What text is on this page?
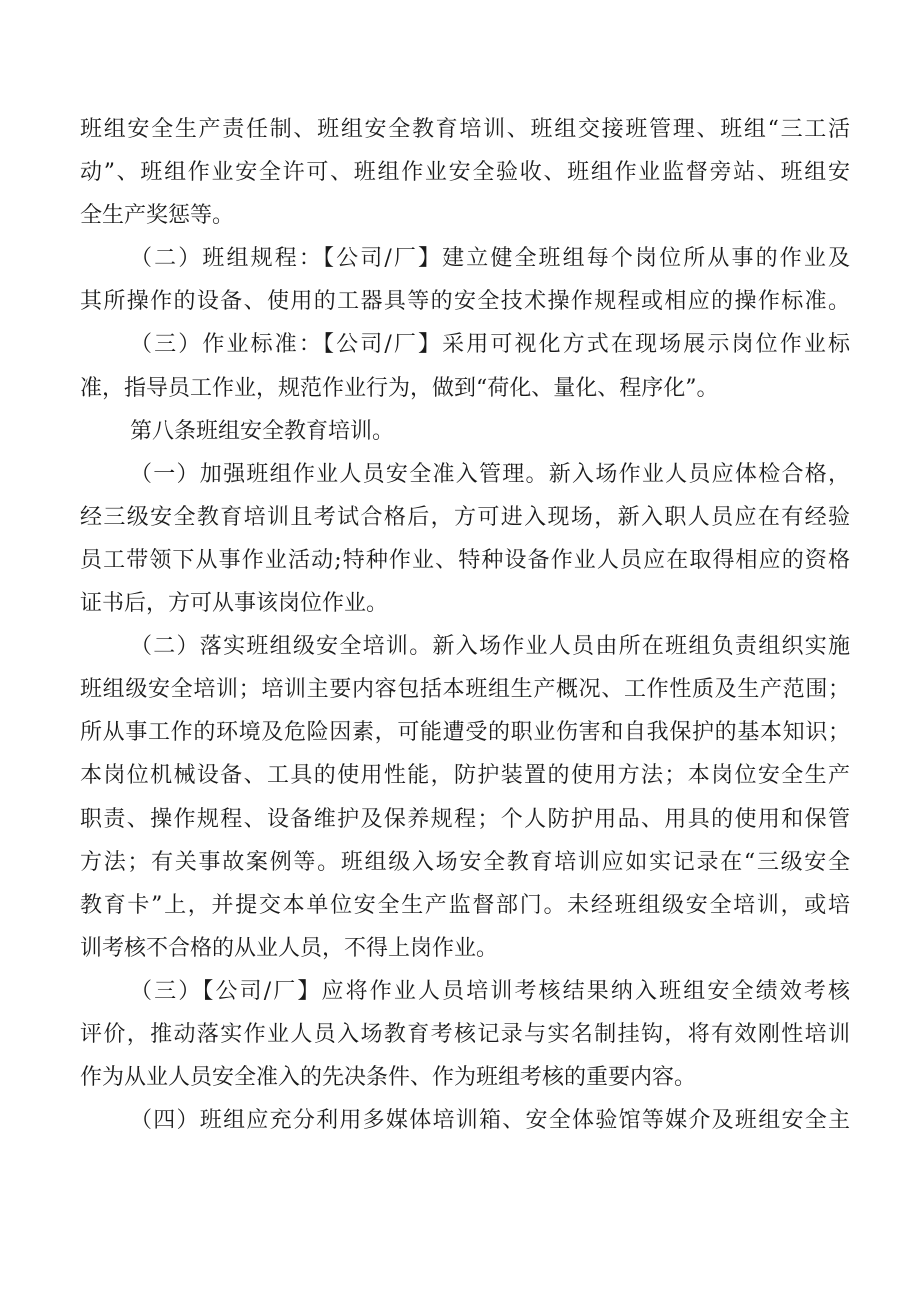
班组安全生产责任制、班组安全教育培训、班组交接班管理、班组“三工活

动”、班组作业安全许可、班组作业安全验收、班组作业监督旁站、班组安

全生产奖惩等。

（二）班组规程：【公司/厂】建立健全班组每个岗位所从事的作业及

其所操作的设备、使用的工器具等的安全技术操作规程或相应的操作标准。

（三）作业标准：【公司/厂】采用可视化方式在现场展示岗位作业标

准，指导员工作业，规范作业行为，做到“荷化、量化、程序化”。

第八条班组安全教育培训。

（一）加强班组作业人员安全准入管理。新入场作业人员应体检合格，

经三级安全教育培训且考试合格后，方可进入现场，新入职人员应在有经验

员工带领下从事作业活动;特种作业、特种设备作业人员应在取得相应的资格

证书后，方可从事该岗位作业。

（二）落实班组级安全培训。新入场作业人员由所在班组负责组织实施

班组级安全培训；培训主要内容包括本班组生产概况、工作性质及生产范围；

所从事工作的环境及危险因素，可能遭受的职业伤害和自我保护的基本知识；

本岗位机械设备、工具的使用性能，防护装置的使用方法；本岗位安全生产

职责、操作规程、设备维护及保养规程；个人防护用品、用具的使用和保管

方法；有关事故案例等。班组级入场安全教育培训应如实记录在“三级安全

教育卡”上，并提交本单位安全生产监督部门。未经班组级安全培训，或培

训考核不合格的从业人员，不得上岗作业。

（三）【公司/厂】应将作业人员培训考核结果纳入班组安全绩效考核

评价，推动落实作业人员入场教育考核记录与实名制挂钩，将有效刚性培训

作为从业人员安全准入的先决条件、作为班组考核的重要内容。

（四）班组应充分利用多媒体培训箱、安全体验馆等媒介及班组安全主
